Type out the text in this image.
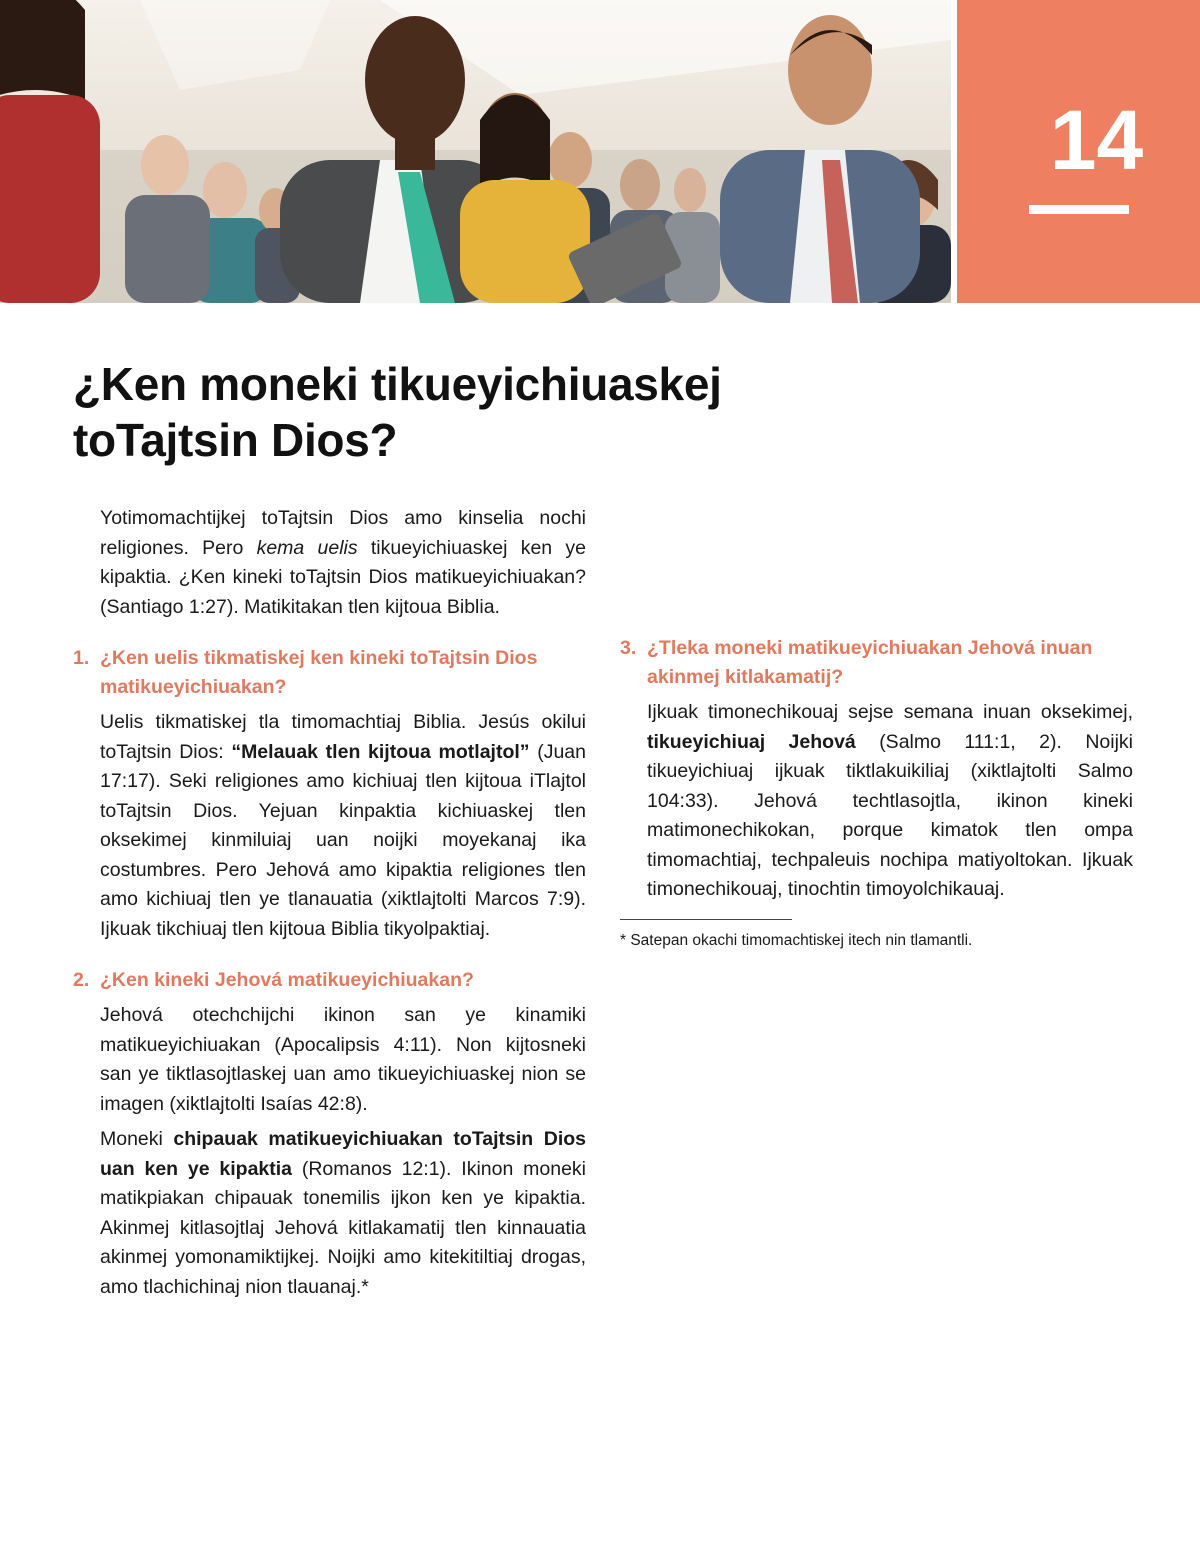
14
¿Ken moneki tikueyichiuaskej toTajtsin Dios?

Yotimomachtijkej toTajtsin Dios amo kinselia nochi religiones. Pero kema uelis tikueyichiuaskej ken ye kipaktia. ¿Ken kineki toTajtsin Dios matikueyichiuakan? (Santiago 1:27). Matikitakan tlen kijtoua Biblia.

1. ¿Ken uelis tikmatiskej ken kineki toTajtsin Dios matikueyichiuakan?

Uelis tikmatiskej tla timomachtiaj Biblia. Jesús okilui toTajtsin Dios: “Melauak tlen kijtoua motlajtol” (Juan 17:17). Seki religiones amo kichiuaj tlen kijtoua iTlajtol toTajtsin Dios. Yejuan kinpaktia kichiuaskej tlen oksekimej kinmiluiaj uan noijki moyekanaj ika costumbres. Pero Jehová amo kipaktia religiones tlen amo kichiuaj tlen ye tlanauatia (xiktlajtolti Marcos 7:9). Ijkuak tikchiuaj tlen kijtoua Biblia tikyolpaktiaj.

2. ¿Ken kineki Jehová matikueyichiuakan?

Jehová otechchijchi ikinon san ye kinamiki matikueyichiuakan (Apocalipsis 4:11). Non kijtosneki san ye tiktlasojtlaskej uan amo tikueyichiuaskej nion se imagen (xiktlajtolti Isaías 42:8).

Moneki chipauak matikueyichiuakan toTajtsin Dios uan ken ye kipaktia (Romanos 12:1). Ikinon moneki matikpiakan chipauak tonemilis ijkon ken ye kipaktia. Akinmej kitlasojtlaj Jehová kitlakamatij tlen kinnauatia akinmej yomonamiktijkej. Noijki amo kitekitiltiaj drogas, amo tlachichinaj nion tlauanaj.*

3. ¿Tleka moneki matikueyichiuakan Jehová inuan akinmej kitlakamatij?

Ijkuak timonechikouaj sejse semana inuan oksekimej, tikueyichiuaj Jehová (Salmo 111:1, 2). Noijki tikueyichiuaj ijkuak tiktlakuikiliaj (xiktlajtolti Salmo 104:33). Jehová techtlasojtla, ikinon kineki matimonechikokan, porque kimatok tlen ompa timomachtiaj, techpaleuis nochipa matiyoltokan. Ijkuak timonechikouaj, tinochtin timoyolchikauaj.

* Satepan okachi timomachtiskej itech nin tlamantli.
